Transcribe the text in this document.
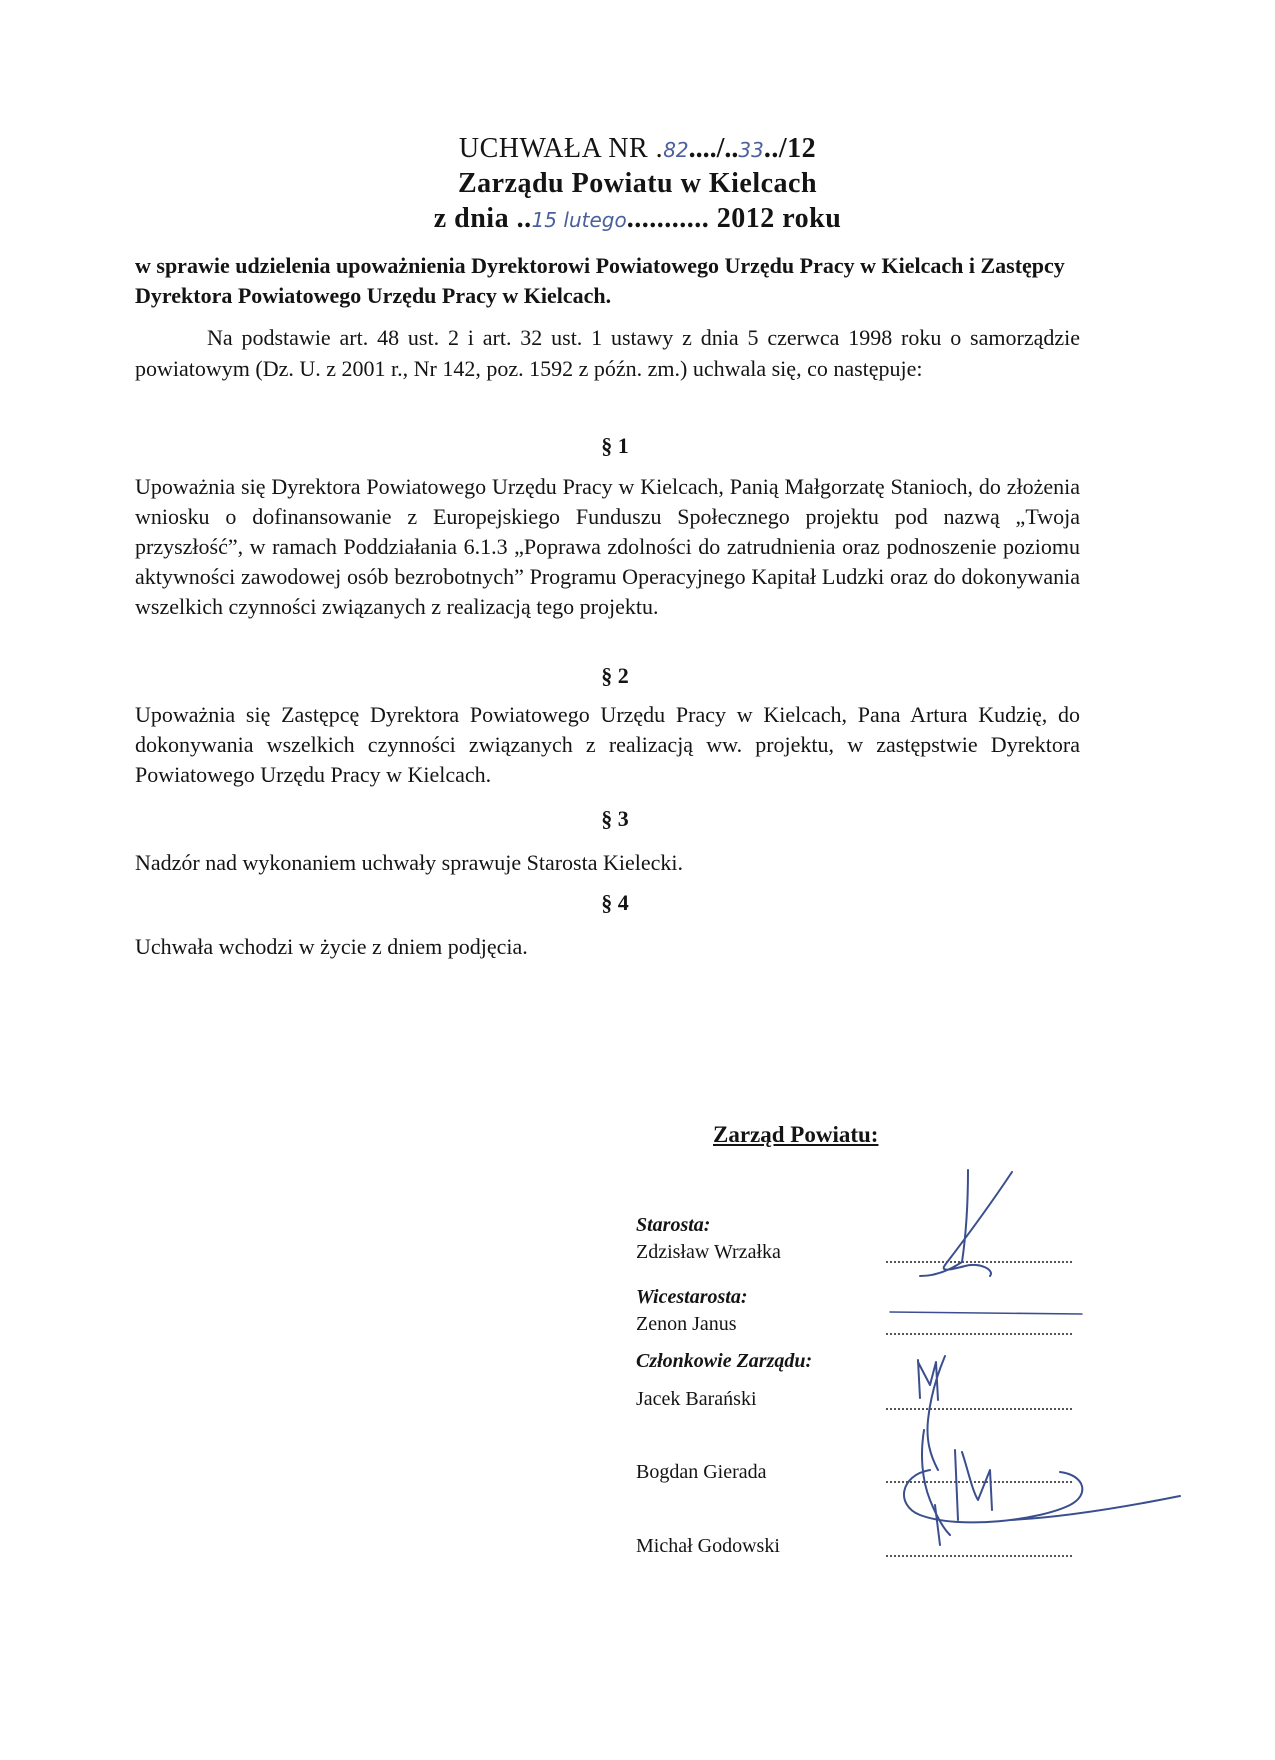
UCHWAŁA NR .82..../..33../12
Zarządu Powiatu w Kielcach
z dnia ..15 lutego........... 2012 roku
w sprawie udzielenia upoważnienia Dyrektorowi Powiatowego Urzędu Pracy w Kielcach i Zastępcy Dyrektora Powiatowego Urzędu Pracy w Kielcach.
Na podstawie art. 48 ust. 2 i art. 32 ust. 1 ustawy z dnia 5 czerwca 1998 roku o samorządzie powiatowym (Dz. U. z 2001 r., Nr 142, poz. 1592 z późn. zm.) uchwala się, co następuje:
§ 1
Upoważnia się Dyrektora Powiatowego Urzędu Pracy w Kielcach, Panią Małgorzatę Stanioch, do złożenia wniosku o dofinansowanie z Europejskiego Funduszu Społecznego projektu pod nazwą „Twoja przyszłość”, w ramach Poddziałania 6.1.3 „Poprawa zdolności do zatrudnienia oraz podnoszenie poziomu aktywności zawodowej osób bezrobotnych” Programu Operacyjnego Kapitał Ludzki oraz do dokonywania wszelkich czynności związanych z realizacją tego projektu.
§ 2
Upoważnia się Zastępcę Dyrektora Powiatowego Urzędu Pracy w Kielcach, Pana Artura Kudzię, do dokonywania wszelkich czynności związanych z realizacją ww. projektu, w zastępstwie Dyrektora Powiatowego Urzędu Pracy w Kielcach.
§ 3
Nadzór nad wykonaniem uchwały sprawuje Starosta Kielecki.
§ 4
Uchwała wchodzi w życie z dniem podjęcia.
Zarząd Powiatu:
Starosta:
Zdzisław Wrzałka
Wicestarosta:
Zenon Janus
Członkowie Zarządu:
Jacek Barański
Bogdan Gierada
Michał Godowski
